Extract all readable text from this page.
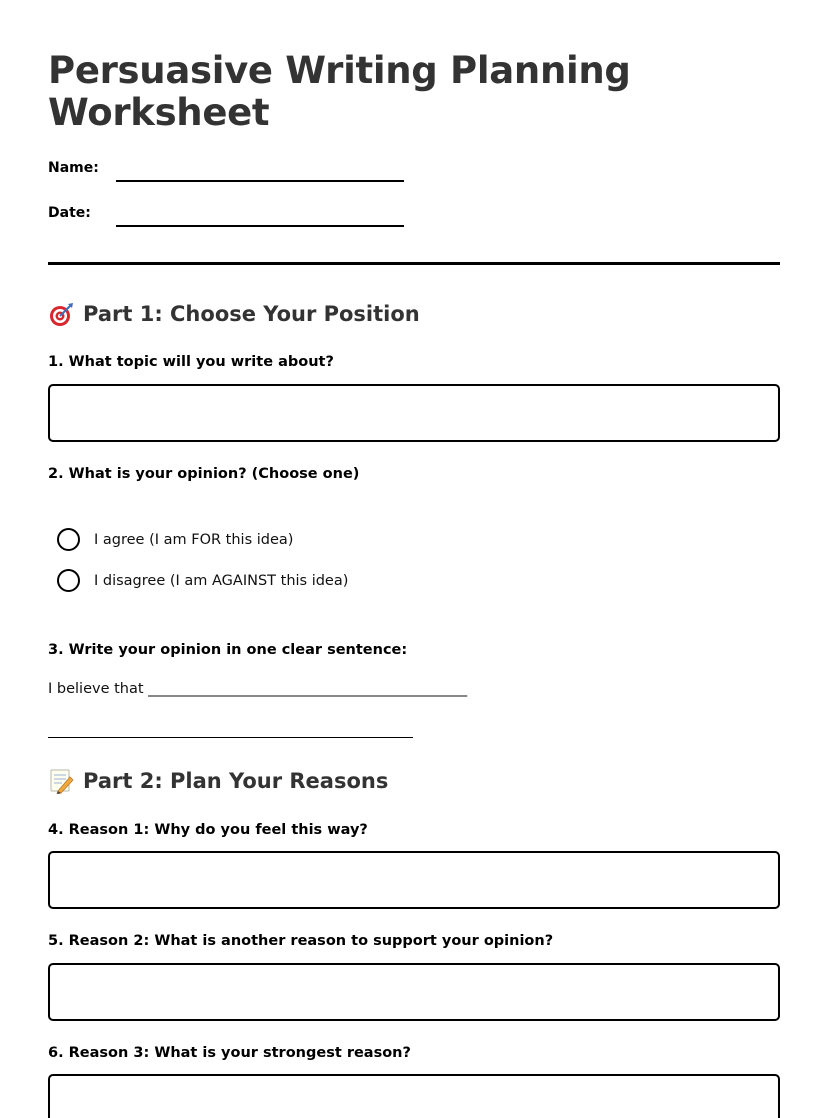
Persuasive Writing Planning
Worksheet
Name:
Date:
Part 1: Choose Your Position
1. What topic will you write about?
2. What is your opinion? (Choose one)
I agree (I am FOR this idea)
I disagree (I am AGAINST this idea)
3. Write your opinion in one clear sentence:
I believe that ____________________________________________
Part 2: Plan Your Reasons
4. Reason 1: Why do you feel this way?
5. Reason 2: What is another reason to support your opinion?
6. Reason 3: What is your strongest reason?
